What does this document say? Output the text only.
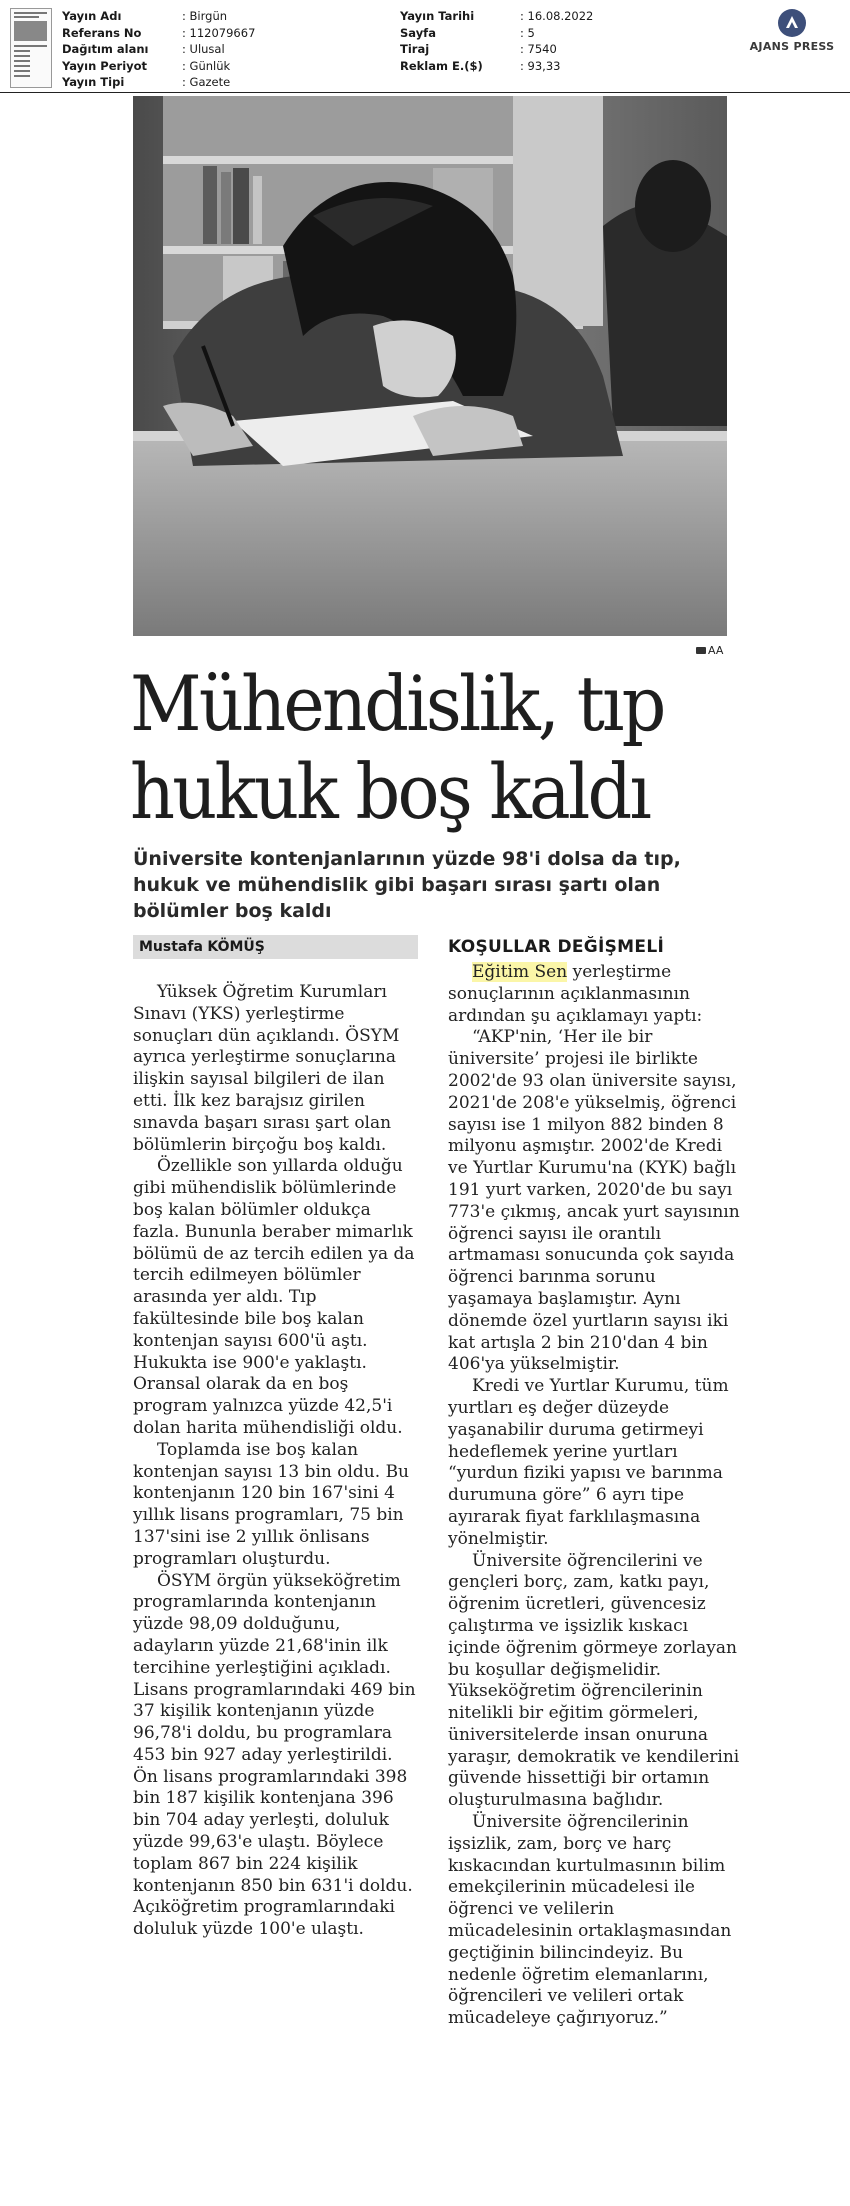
Yayın Adı	: Birgün
Referans No	: 112079667
Dağıtım alanı	: Ulusal
Yayın Periyot	: Günlük
Yayın Tipi	: Gazete
Yayın Tarihi	: 16.08.2022
Sayfa	: 5
Tiraj	: 7540
Reklam E.($)	: 93,33
AJANS PRESS
AA
Mühendislik, tıp
hukuk boş kaldı

Üniversite kontenjanlarının yüzde 98'i dolsa da tıp, hukuk ve mühendislik gibi başarı sırası şartı olan bölümler boş kaldı

Mustafa KÖMÜŞ

Yüksek Öğretim Kurumları Sınavı (YKS) yerleştirme sonuçları dün açıklandı. ÖSYM ayrıca yerleştirme sonuçlarına ilişkin sayısal bilgileri de ilan etti. İlk kez barajsız girilen sınavda başarı sırası şart olan bölümlerin birçoğu boş kaldı.

Özellikle son yıllarda olduğu gibi mühendislik bölümlerinde boş kalan bölümler oldukça fazla. Bununla beraber mimarlık bölümü de az tercih edilen ya da tercih edilmeyen bölümler arasında yer aldı. Tıp fakültesinde bile boş kalan kontenjan sayısı 600'ü aştı. Hukukta ise 900'e yaklaştı. Oransal olarak da en boş program yalnızca yüzde 42,5'i dolan harita mühendisliği oldu.

Toplamda ise boş kalan kontenjan sayısı 13 bin oldu. Bu kontenjanın 120 bin 167'sini 4 yıllık lisans programları, 75 bin 137'sini ise 2 yıllık önlisans programları oluşturdu.

ÖSYM örgün yükseköğretim programlarında kontenjanın yüzde 98,09 dolduğunu, adayların yüzde 21,68'inin ilk tercihine yerleştiğini açıkladı. Lisans programlarındaki 469 bin 37 kişilik kontenjanın yüzde 96,78'i doldu, bu programlara 453 bin 927 aday yerleştirildi. Ön lisans programlarındaki 398 bin 187 kişilik kontenjana 396 bin 704 aday yerleşti, doluluk yüzde 99,63'e ulaştı. Böylece toplam 867 bin 224 kişilik kontenjanın 850 bin 631'i doldu. Açıköğretim programlarındaki doluluk yüzde 100'e ulaştı.

KOŞULLAR DEĞİŞMELİ

Eğitim Sen yerleştirme sonuçlarının açıklanmasının ardından şu açıklamayı yaptı:

“AKP'nin, ‘Her ile bir üniversite’ projesi ile birlikte 2002'de 93 olan üniversite sayısı, 2021'de 208'e yükselmiş, öğrenci sayısı ise 1 milyon 882 binden 8 milyonu aşmıştır. 2002'de Kredi ve Yurtlar Kurumu'na (KYK) bağlı 191 yurt varken, 2020'de bu sayı 773'e çıkmış, ancak yurt sayısının öğrenci sayısı ile orantılı artmaması sonucunda çok sayıda öğrenci barınma sorunu yaşamaya başlamıştır. Aynı dönemde özel yurtların sayısı iki kat artışla 2 bin 210'dan 4 bin 406'ya yükselmiştir.

Kredi ve Yurtlar Kurumu, tüm yurtları eş değer düzeyde yaşanabilir duruma getirmeyi hedeflemek yerine yurtları “yurdun fiziki yapısı ve barınma durumuna göre” 6 ayrı tipe ayırarak fiyat farklılaşmasına yönelmiştir.

Üniversite öğrencilerini ve gençleri borç, zam, katkı payı, öğrenim ücretleri, güvencesiz çalıştırma ve işsizlik kıskacı içinde öğrenim görmeye zorlayan bu koşullar değişmelidir. Yükseköğretim öğrencilerinin nitelikli bir eğitim görmeleri, üniversitelerde insan onuruna yaraşır, demokratik ve kendilerini güvende hissettiği bir ortamın oluşturulmasına bağlıdır.

Üniversite öğrencilerinin işsizlik, zam, borç ve harç kıskacından kurtulmasının bilim emekçilerinin mücadelesi ile öğrenci ve velilerin mücadelesinin ortaklaşmasından geçtiğinin bilincindeyiz. Bu nedenle öğretim elemanlarını, öğrencileri ve velileri ortak mücadeleye çağırıyoruz.”
